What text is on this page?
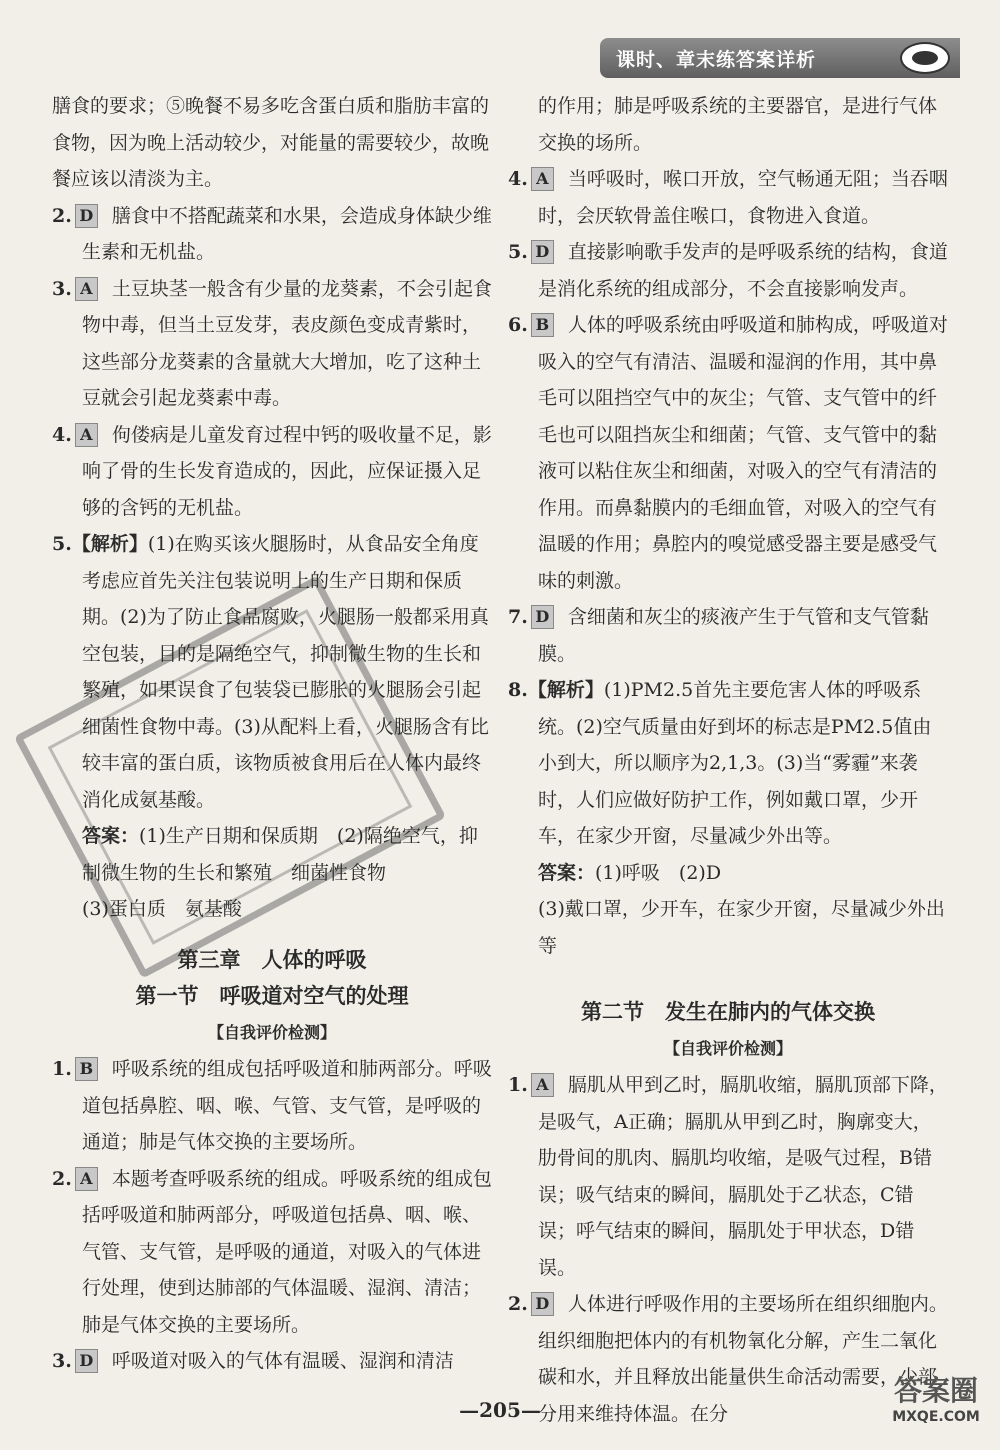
课时、章末练答案详析

膳食的要求；⑤晚餐不易多吃含蛋白质和脂肪丰富的食物，因为晚上活动较少，对能量的需要较少，故晚餐应该以清淡为主。

2. D 膳食中不搭配蔬菜和水果，会造成身体缺少维生素和无机盐。

3. A 土豆块茎一般含有少量的龙葵素，不会引起食物中毒，但当土豆发芽，表皮颜色变成青紫时，这些部分龙葵素的含量就大大增加，吃了这种土豆就会引起龙葵素中毒。

4. A 佝偻病是儿童发育过程中钙的吸收量不足，影响了骨的生长发育造成的，因此，应保证摄入足够的含钙的无机盐。

5.【解析】(1)在购买该火腿肠时，从食品安全角度考虑应首先关注包装说明上的生产日期和保质期。(2)为了防止食品腐败，火腿肠一般都采用真空包装，目的是隔绝空气，抑制微生物的生长和繁殖，如果误食了包装袋已膨胀的火腿肠会引起细菌性食物中毒。(3)从配料上看，火腿肠含有比较丰富的蛋白质，该物质被食用后在人体内最终消化成氨基酸。

答案：(1)生产日期和保质期　(2)隔绝空气，抑制微生物的生长和繁殖　细菌性食物

(3)蛋白质　氨基酸

第三章　人体的呼吸

第一节　呼吸道对空气的处理

【自我评价检测】

1. B 呼吸系统的组成包括呼吸道和肺两部分。呼吸道包括鼻腔、咽、喉、气管、支气管，是呼吸的通道；肺是气体交换的主要场所。

2. A 本题考查呼吸系统的组成。呼吸系统的组成包括呼吸道和肺两部分，呼吸道包括鼻、咽、喉、气管、支气管，是呼吸的通道，对吸入的气体进行处理，使到达肺部的气体温暖、湿润、清洁；肺是气体交换的主要场所。

3. D 呼吸道对吸入的气体有温暖、湿润和清洁

的作用；肺是呼吸系统的主要器官，是进行气体交换的场所。

4. A 当呼吸时，喉口开放，空气畅通无阻；当吞咽时，会厌软骨盖住喉口，食物进入食道。

5. D 直接影响歌手发声的是呼吸系统的结构，食道是消化系统的组成部分，不会直接影响发声。

6. B 人体的呼吸系统由呼吸道和肺构成，呼吸道对吸入的空气有清洁、温暖和湿润的作用，其中鼻毛可以阻挡空气中的灰尘；气管、支气管中的纤毛也可以阻挡灰尘和细菌；气管、支气管中的黏液可以粘住灰尘和细菌，对吸入的空气有清洁的作用。而鼻黏膜内的毛细血管，对吸入的空气有温暖的作用；鼻腔内的嗅觉感受器主要是感受气味的刺激。

7. D 含细菌和灰尘的痰液产生于气管和支气管黏膜。

8.【解析】(1)PM2.5首先主要危害人体的呼吸系统。(2)空气质量由好到坏的标志是PM2.5值由小到大，所以顺序为2,1,3。(3)当“雾霾”来袭时，人们应做好防护工作，例如戴口罩，少开车，在家少开窗，尽量减少外出等。

答案：(1)呼吸　(2)D

(3)戴口罩，少开车，在家少开窗，尽量减少外出等

第二节　发生在肺内的气体交换

【自我评价检测】

1. A 膈肌从甲到乙时，膈肌收缩，膈肌顶部下降，是吸气，A正确；膈肌从甲到乙时，胸廓变大，肋骨间的肌肉、膈肌均收缩，是吸气过程，B错误；吸气结束的瞬间，膈肌处于乙状态，C错误；呼气结束的瞬间，膈肌处于甲状态，D错误。

2. D 人体进行呼吸作用的主要场所在组织细胞内。组织细胞把体内的有机物氧化分解，产生二氧化碳和水，并且释放出能量供生命活动需要，少部分用来维持体温。在分

—205—
答案圈
MXQE.COM
